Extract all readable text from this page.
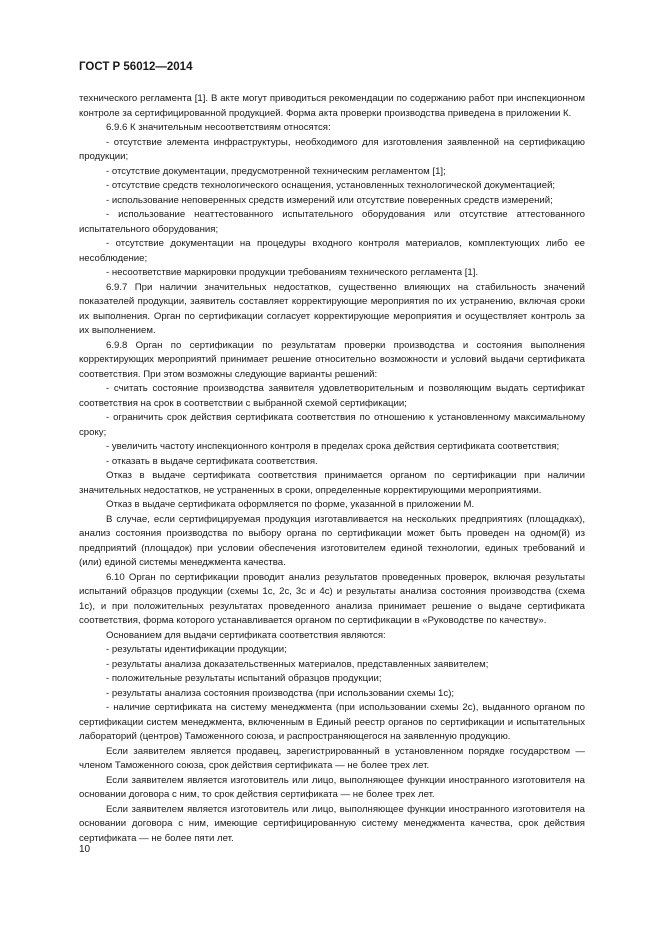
ГОСТ Р 56012—2014

технического регламента [1]. В акте могут приводиться рекомендации по содержанию работ при инспекционном контроле за сертифицированной продукцией. Форма акта проверки производства приведена в приложении К.

6.9.6 К значительным несоответствиям относятся:

- отсутствие элемента инфраструктуры, необходимого для изготовления заявленной на сертификацию продукции;

- отсутствие документации, предусмотренной техническим регламентом [1];

- отсутствие средств технологического оснащения, установленных технологической документацией;

- использование неповеренных средств измерений или отсутствие поверенных средств измерений;

- использование неаттестованного испытательного оборудования или отсутствие аттестованного испытательного оборудования;

- отсутствие документации на процедуры входного контроля материалов, комплектующих либо ее несоблюдение;

- несоответствие маркировки продукции требованиям технического регламента [1].

6.9.7 При наличии значительных недостатков, существенно влияющих на стабильность значений показателей продукции, заявитель составляет корректирующие мероприятия по их устранению, включая сроки их выполнения. Орган по сертификации согласует корректирующие мероприятия и осуществляет контроль за их выполнением.

6.9.8 Орган по сертификации по результатам проверки производства и состояния выполнения корректирующих мероприятий принимает решение относительно возможности и условий выдачи сертификата соответствия. При этом возможны следующие варианты решений:

- считать состояние производства заявителя удовлетворительным и позволяющим выдать сертификат соответствия на срок в соответствии с выбранной схемой сертификации;

- ограничить срок действия сертификата соответствия по отношению к установленному максимальному сроку;

- увеличить частоту инспекционного контроля в пределах срока действия сертификата соответствия;

- отказать в выдаче сертификата соответствия.

Отказ в выдаче сертификата соответствия принимается органом по сертификации при наличии значительных недостатков, не устраненных в сроки, определенные корректирующими мероприятиями.

Отказ в выдаче сертификата оформляется по форме, указанной в приложении М.

В случае, если сертифицируемая продукция изготавливается на нескольких предприятиях (площадках), анализ состояния производства по выбору органа по сертификации может быть проведен на одном(й) из предприятий (площадок) при условии обеспечения изготовителем единой технологии, единых требований и (или) единой системы менеджмента качества.

6.10 Орган по сертификации проводит анализ результатов проведенных проверок, включая результаты испытаний образцов продукции (схемы 1с, 2с, 3с и 4с) и результаты анализа состояния производства (схема 1с), и при положительных результатах проведенного анализа принимает решение о выдаче сертификата соответствия, форма которого устанавливается органом по сертификации в «Руководстве по качеству».

Основанием для выдачи сертификата соответствия являются:

- результаты идентификации продукции;

- результаты анализа доказательственных материалов, представленных заявителем;

- положительные результаты испытаний образцов продукции;

- результаты анализа состояния производства (при использовании схемы 1с);

- наличие сертификата на систему менеджмента (при использовании схемы 2с), выданного органом по сертификации систем менеджмента, включенным в Единый реестр органов по сертификации и испытательных лабораторий (центров) Таможенного союза, и распространяющегося на заявленную продукцию.

Если заявителем является продавец, зарегистрированный в установленном порядке государством — членом Таможенного союза, срок действия сертификата — не более трех лет.

Если заявителем является изготовитель или лицо, выполняющее функции иностранного изготовителя на основании договора с ним, то срок действия сертификата — не более трех лет.

Если заявителем является изготовитель или лицо, выполняющее функции иностранного изготовителя на основании договора с ним, имеющие сертифицированную систему менеджмента качества, срок действия сертификата — не более пяти лет.

10
